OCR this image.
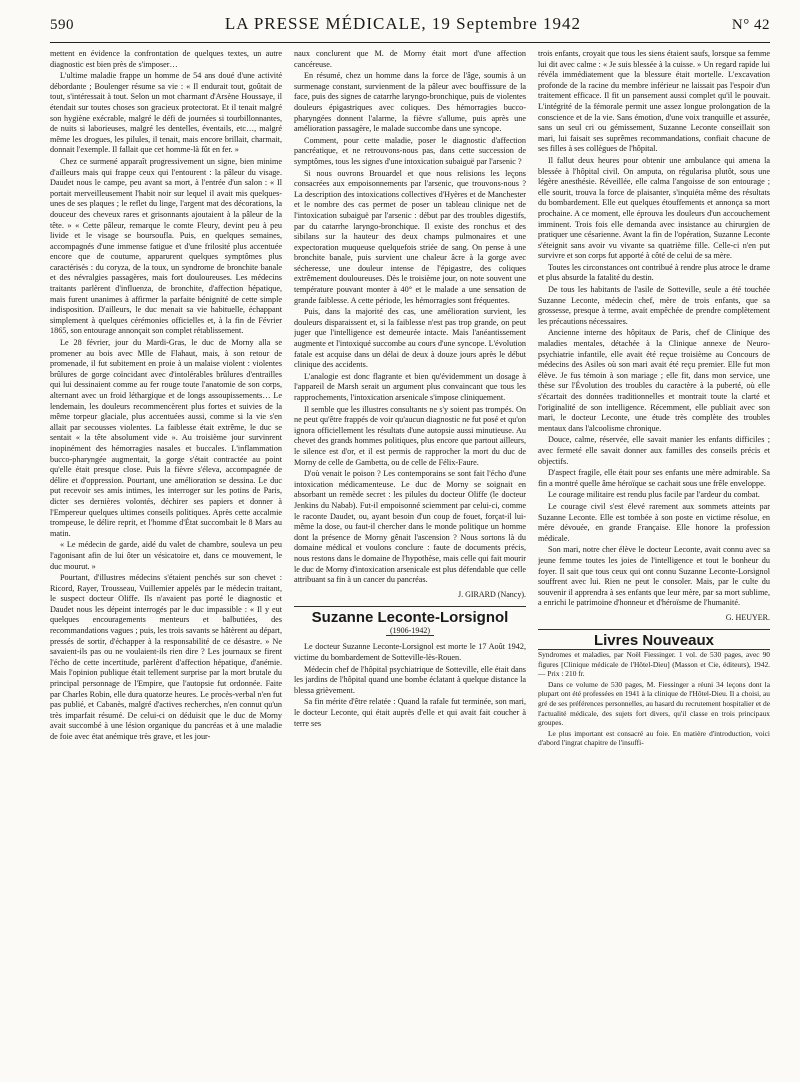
590	LA PRESSE MÉDICALE, 19 Septembre 1942	N° 42

mettent en évidence la confrontation de quelques textes, un autre diagnostic est bien près de s'imposer…

L'ultime maladie frappe un homme de 54 ans doué d'une activité débordante ; Boulenger résume sa vie : « Il endurait tout, goûtait de tout, s'intéressait à tout. Selon un mot charmant d'Arsène Houssaye, il étendait sur toutes choses son gracieux protectorat. Et il tenait malgré son hygiène exécrable, malgré le défi de journées si tourbillonnantes, de nuits si laborieuses, malgré les dentelles, éventails, etc…, malgré même les drogues, les pilules, il tenait, mais encore brillait, charmait, donnait l'exemple. Il fallait que cet homme-là fût en fer. »

Chez ce surmené apparaît progressivement un signe, bien minime d'ailleurs mais qui frappe ceux qui l'entourent : la pâleur du visage. Daudet nous le campe, peu avant sa mort, à l'entrée d'un salon : « Il portait merveilleusement l'habit noir sur lequel il avait mis quelques-unes de ses plaques ; le reflet du linge, l'argent mat des décorations, la douceur des cheveux rares et grisonnants ajoutaient à la pâleur de la tête. » « Cette pâleur, remarque le comte Fleury, devint peu à peu livide et le visage se boursoufla. Puis, en quelques semaines, accompagnés d'une immense fatigue et d'une frilosité plus accentuée encore que de coutume, apparurent quelques symptômes plus caractérisés : du coryza, de la toux, un syndrome de bronchite banale et des névralgies passagères, mais fort douloureuses. Les médecins traitants parlèrent d'influenza, de bronchite, d'affection hépatique, mais furent unanimes à affirmer la parfaite bénignité de cette simple indisposition. D'ailleurs, le duc menait sa vie habituelle, échappant simplement à quelques cérémonies officielles et, à la fin de Février 1865, son entourage annonçait son complet rétablissement.

Le 28 février, jour du Mardi-Gras, le duc de Morny alla se promener au bois avec Mlle de Flahaut, mais, à son retour de promenade, il fut subitement en proie à un malaise violent : violentes brûlures de gorge coïncidant avec d'intolérables brûlures d'entrailles qui lui dessinaient comme au fer rouge toute l'anatomie de son corps, alternant avec un froid léthargique et de longs assoupissements… Le lendemain, les douleurs recommencèrent plus fortes et suivies de la même torpeur glaciale, plus accentuées aussi, comme si la vie s'en allait par secousses violentes. La faiblesse était extrême, le duc se sentait « la tête absolument vide ». Au troisième jour survinrent inopinément des hémorragies nasales et buccales. L'inflammation bucco-pharyngée augmentait, la gorge s'était contractée au point qu'elle était presque close. Puis la fièvre s'éleva, accompagnée de délire et d'oppression. Pourtant, une amélioration se dessina. Le duc put recevoir ses amis intimes, les interroger sur les potins de Paris, dicter ses dernières volontés, déchirer ses papiers et donner à l'Empereur quelques ultimes conseils politiques. Après cette accalmie trompeuse, le délire reprit, et l'homme d'État succombait le 8 Mars au matin.

« Le médecin de garde, aidé du valet de chambre, souleva un peu l'agonisant afin de lui ôter un vésicatoire et, dans ce mouvement, le duc mourut. »

Pourtant, d'illustres médecins s'étaient penchés sur son chevet : Ricord, Rayer, Trousseau, Vuillemier appelés par le médecin traitant, le suspect docteur Oliffe. Ils n'avaient pas porté le diagnostic et Daudet nous les dépeint interrogés par le duc impassible : « Il y eut quelques encouragements menteurs et balbutiées, des recommandations vagues ; puis, les trois savants se hâtèrent au départ, pressés de sortir, d'échapper à la responsabilité de ce désastre. » Ne savaient-ils pas ou ne voulaient-ils rien dire ? Les journaux se firent l'écho de cette incertitude, parlèrent d'affection hépatique, d'anémie. Mais l'opinion publique était tellement surprise par la mort brutale du principal personnage de l'Empire, que l'autopsie fut ordonnée. Faite par Charles Robin, elle dura quatorze heures. Le procès-verbal n'en fut pas publié, et Cabanès, malgré d'actives recherches, n'en connut qu'un très imparfait résumé. De celui-ci on déduisit que le duc de Morny avait succombé à une lésion organique du pancréas et à une maladie de foie avec état anémique très grave, et les jour-

naux conclurent que M. de Morny était mort d'une affection cancéreuse.

En résumé, chez un homme dans la force de l'âge, soumis à un surmenage constant, survienment de la pâleur avec bouffissure de la face, puis des signes de catarrhe laryngo-bronchique, puis de violentes douleurs épigastriques avec coliques. Des hémorragies bucco-pharyngées donnent l'alarme, la fièvre s'allume, puis après une amélioration passagère, le malade succombe dans une syncope.

Comment, pour cette maladie, poser le diagnostic d'affection pancréatique, et ne retrouvons-nous pas, dans cette succession de symptômes, tous les signes d'une intoxication subaiguë par l'arsenic ?

Si nous ouvrons Brouardel et que nous relisions les leçons consacrées aux empoisonnements par l'arsenic, que trouvons-nous ? La description des intoxications collectives d'Hyères et de Manchester et le nombre des cas permet de poser un tableau clinique net de l'intoxication subaiguë par l'arsenic : début par des troubles digestifs, par du catarrhe laryngo-bronchique. Il existe des ronchus et des sibilans sur la hauteur des deux champs pulmonaires et une expectoration muqueuse quelquefois striée de sang. On pense à une bronchite banale, puis survient une chaleur âcre à la gorge avec sécheresse, une douleur intense de l'épigastre, des coliques extrêmement douloureuses. Dès le troisième jour, on note souvent une température pouvant monter à 40° et le malade a une sensation de grande faiblesse. A cette période, les hémorragies sont fréquentes.

Puis, dans la majorité des cas, une amélioration survient, les douleurs disparaissent et, si la faiblesse n'est pas trop grande, on peut juger que l'intelligence est demeurée intacte. Mais l'anéantissement augmente et l'intoxiqué succombe au cours d'une syncope. L'évolution fatale est acquise dans un délai de deux à douze jours après le début clinique des accidents.

L'analogie est donc flagrante et bien qu'évidemment un dosage à l'appareil de Marsh serait un argument plus convaincant que tous les rapprochements, l'intoxication arsenicale s'impose cliniquement.

Il semble que les illustres consultants ne s'y soient pas trompés. On ne peut qu'être frappés de voir qu'aucun diagnostic ne fut posé et qu'on ignora officiellement les résultats d'une autopsie aussi minutieuse. Au chevet des grands hommes politiques, plus encore que partout ailleurs, le silence est d'or, et il est permis de rapprocher la mort du duc de Morny de celle de Gambetta, ou de celle de Félix-Faure.

D'où venait le poison ? Les contemporains se sont fait l'écho d'une intoxication médicamenteuse. Le duc de Morny se soignait en absorbant un remède secret : les pilules du docteur Oliffe (le docteur Jenkins du Nabab). Fut-il empoisonné sciemment par celui-ci, comme le raconte Daudet, ou, ayant besoin d'un coup de fouet, forçat-il lui-même la dose, ou faut-il chercher dans le monde politique un homme dont la présence de Morny gênait l'ascension ? Nous sortons là du domaine médical et voulons conclure : faute de documents précis, nous restons dans le domaine de l'hypothèse, mais celle qui fait mourir le duc de Morny d'intoxication arsenicale est plus défendable que celle attribuant sa fin à un cancer du pancréas.

J. GIRARD (Nancy).
Suzanne Leconte-Lorsignol
(1906-1942)

Le docteur Suzanne Leconte-Lorsignol est morte le 17 Août 1942, victime du bombardement de Sotteville-lès-Rouen.

Médecin chef de l'hôpital psychiatrique de Sotteville, elle était dans les jardins de l'hôpital quand une bombe éclatant à quelque distance la blessa grièvement.

Sa fin mérite d'être relatée : Quand la rafale fut terminée, son mari, le docteur Leconte, qui était auprès d'elle et qui avait fait coucher à terre ses

trois enfants, croyait que tous les siens étaient saufs, lorsque sa femme lui dit avec calme : « Je suis blessée à la cuisse. » Un regard rapide lui révéla immédiatement que la blessure était mortelle. L'excavation profonde de la racine du membre inférieur ne laissait pas l'espoir d'un traitement efficace. Il fit un pansement aussi complet qu'il le pouvait. L'intégrité de la fémorale permit une assez longue prolongation de la conscience et de la vie. Sans émotion, d'une voix tranquille et assurée, sans un seul cri ou gémissement, Suzanne Leconte conseillait son mari, lui faisait ses suprêmes recommandations, confiait chacune de ses filles à ses collègues de l'hôpital.

Il fallut deux heures pour obtenir une ambulance qui amena la blessée à l'hôpital civil. On amputa, on régularisa plutôt, sous une légère anesthésie. Réveillée, elle calma l'angoisse de son entourage ; elle sourit, trouva la force de plaisanter, s'inquiéta même des résultats du bombardement. Elle eut quelques étouffements et annonça sa mort prochaine. A ce moment, elle éprouva les douleurs d'un accouchement imminent. Trois fois elle demanda avec insistance au chirurgien de pratiquer une césarienne. Avant la fin de l'opération, Suzanne Leconte s'éteignit sans avoir vu vivante sa quatrième fille. Celle-ci n'en put survivre et son corps fut apporté à côté de celui de sa mère.

Toutes les circonstances ont contribué à rendre plus atroce le drame et plus absurde la fatalité du destin.

De tous les habitants de l'asile de Sotteville, seule a été touchée Suzanne Leconte, médecin chef, mère de trois enfants, que sa grossesse, presque à terme, avait empêchée de prendre complètement les précautions nécessaires.

Ancienne interne des hôpitaux de Paris, chef de Clinique des maladies mentales, détachée à la Clinique annexe de Neuro-psychiatrie infantile, elle avait été reçue troisième au Concours de médecins des Asiles où son mari avait été reçu premier. Elle fut mon élève. Je fus témoin à son mariage ; elle fit, dans mon service, une thèse sur l'Évolution des troubles du caractère à la puberté, où elle s'écartait des données traditionnelles et montrait toute la clarté et l'originalité de son intelligence. Récemment, elle publiait avec son mari, le docteur Leconte, une étude très complète des troubles mentaux dans l'alcoolisme chronique.

Douce, calme, réservée, elle savait manier les enfants difficiles ; avec fermeté elle savait donner aux familles des conseils précis et objectifs.

D'aspect fragile, elle était pour ses enfants une mère admirable. Sa fin a montré quelle âme héroïque se cachait sous une frêle enveloppe.

Le courage militaire est rendu plus facile par l'ardeur du combat.

Le courage civil s'est élevé rarement aux sommets atteints par Suzanne Leconte. Elle est tombée à son poste en victime résolue, en mère dévouée, en grande Française. Elle honore la profession médicale.

Son mari, notre cher élève le docteur Leconte, avait connu avec sa jeune femme toutes les joies de l'intelligence et tout le bonheur du foyer. Il sait que tous ceux qui ont connu Suzanne Leconte-Lorsignol souffrent avec lui. Rien ne peut le consoler. Mais, par le culte du souvenir il apprendra à ses enfants que leur mère, par sa mort sublime, a enrichi le patrimoine d'honneur et d'héroïsme de l'humanité.

G. HEUYER.
Livres Nouveaux

Syndromes et maladies, par Noël Fiessinger. 1 vol. de 530 pages, avec 90 figures [Clinique médicale de l'Hôtel-Dieu] (Masson et Cie, éditeurs), 1942. — Prix : 210 fr.

Dans ce volume de 530 pages, M. Fiessinger a réuni 34 leçons dont la plupart ont été professées en 1941 à la clinique de l'Hôtel-Dieu. Il a choisi, au gré de ses préférences personnelles, au hasard du recrutement hospitalier et de l'actualité médicale, des sujets fort divers, qu'il classe en trois principaux groupes.

Le plus important est consacré au foie. En matière d'introduction, voici d'abord l'ingrat chapitre de l'insuffi-
